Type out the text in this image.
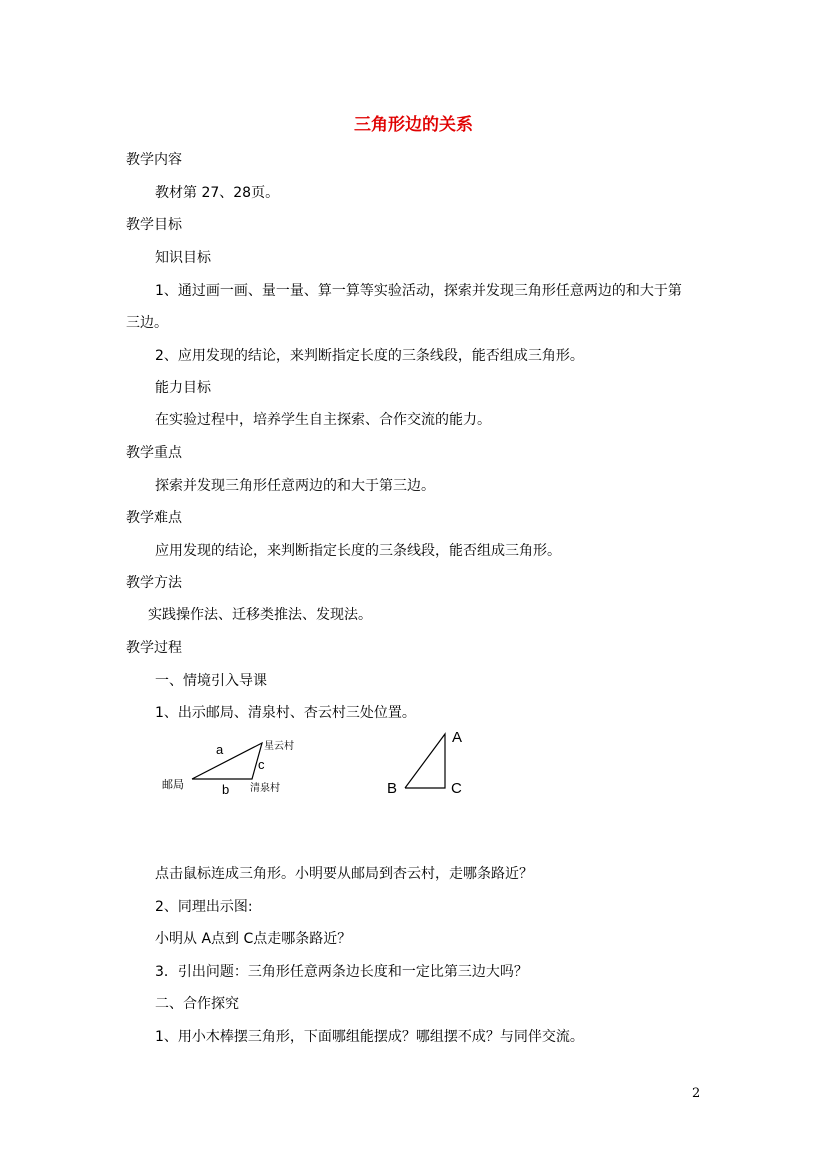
三角形边的关系
教学内容
教材第 27、28页。
教学目标
知识目标
1、通过画一画、量一量、算一算等实验活动，探索并发现三角形任意两边的和大于第
三边。
2、应用发现的结论，来判断指定长度的三条线段，能否组成三角形。
能力目标
在实验过程中，培养学生自主探索、合作交流的能力。
教学重点
探索并发现三角形任意两边的和大于第三边。
教学难点
应用发现的结论，来判断指定长度的三条线段，能否组成三角形。
教学方法
实践操作法、迁移类推法、发现法。
教学过程
一、情境引入导课
1、出示邮局、清泉村、杏云村三处位置。
邮局
a
b
c
星云村
清泉村
A
B	C
点击鼠标连成三角形。小明要从邮局到杏云村，走哪条路近？
2、同理出示图:
小明从 A点到 C点走哪条路近？
3．引出问题：三角形任意两条边长度和一定比第三边大吗？
二、合作探究
1、用小木棒摆三角形，下面哪组能摆成？哪组摆不成？与同伴交流。
2
